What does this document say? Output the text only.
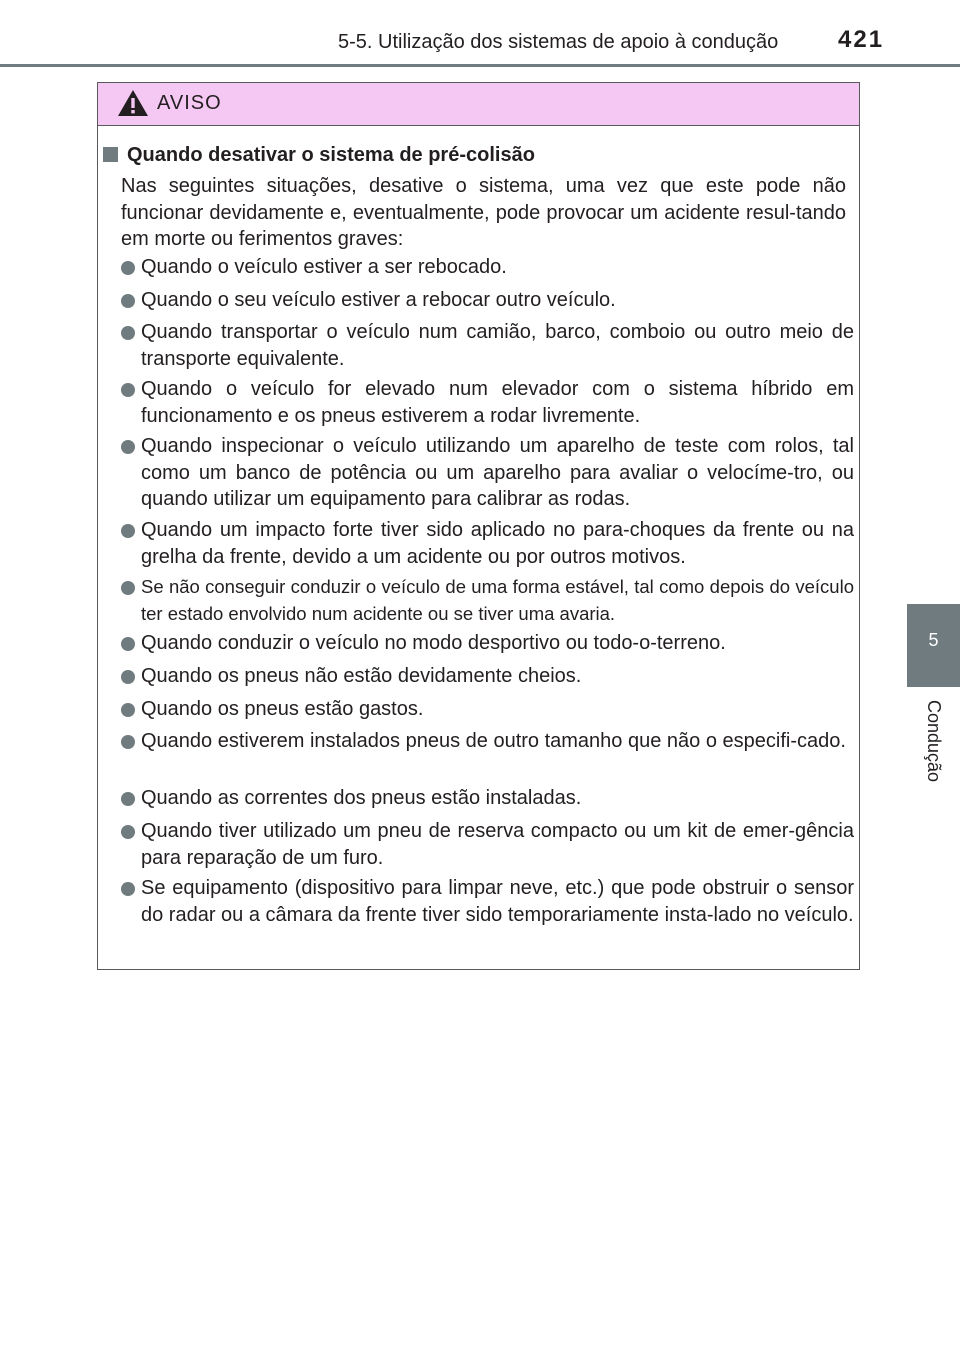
5-5. Utilização dos sistemas de apoio à condução 421
5
Condução
AVISO
Quando desativar o sistema de pré-colisão

Nas seguintes situações, desative o sistema, uma vez que este pode não funcionar devidamente e, eventualmente, pode provocar um acidente resul-tando em morte ou ferimentos graves:

Quando o veículo estiver a ser rebocado.
Quando o seu veículo estiver a rebocar outro veículo.
Quando transportar o veículo num camião, barco, comboio ou outro meio de transporte equivalente.
Quando o veículo for elevado num elevador com o sistema híbrido em funcionamento e os pneus estiverem a rodar livremente.
Quando inspecionar o veículo utilizando um aparelho de teste com rolos, tal como um banco de potência ou um aparelho para avaliar o velocíme-tro, ou quando utilizar um equipamento para calibrar as rodas.
Quando um impacto forte tiver sido aplicado no para-choques da frente ou na grelha da frente, devido a um acidente ou por outros motivos.
Se não conseguir conduzir o veículo de uma forma estável, tal como depois do veículo ter estado envolvido num acidente ou se tiver uma avaria.
Quando conduzir o veículo no modo desportivo ou todo-o-terreno.
Quando os pneus não estão devidamente cheios.
Quando os pneus estão gastos.
Quando estiverem instalados pneus de outro tamanho que não o especifi-cado.
Quando as correntes dos pneus estão instaladas.
Quando tiver utilizado um pneu de reserva compacto ou um kit de emer-gência para reparação de um furo.
Se equipamento (dispositivo para limpar neve, etc.) que pode obstruir o sensor do radar ou a câmara da frente tiver sido temporariamente insta-lado no veículo.
